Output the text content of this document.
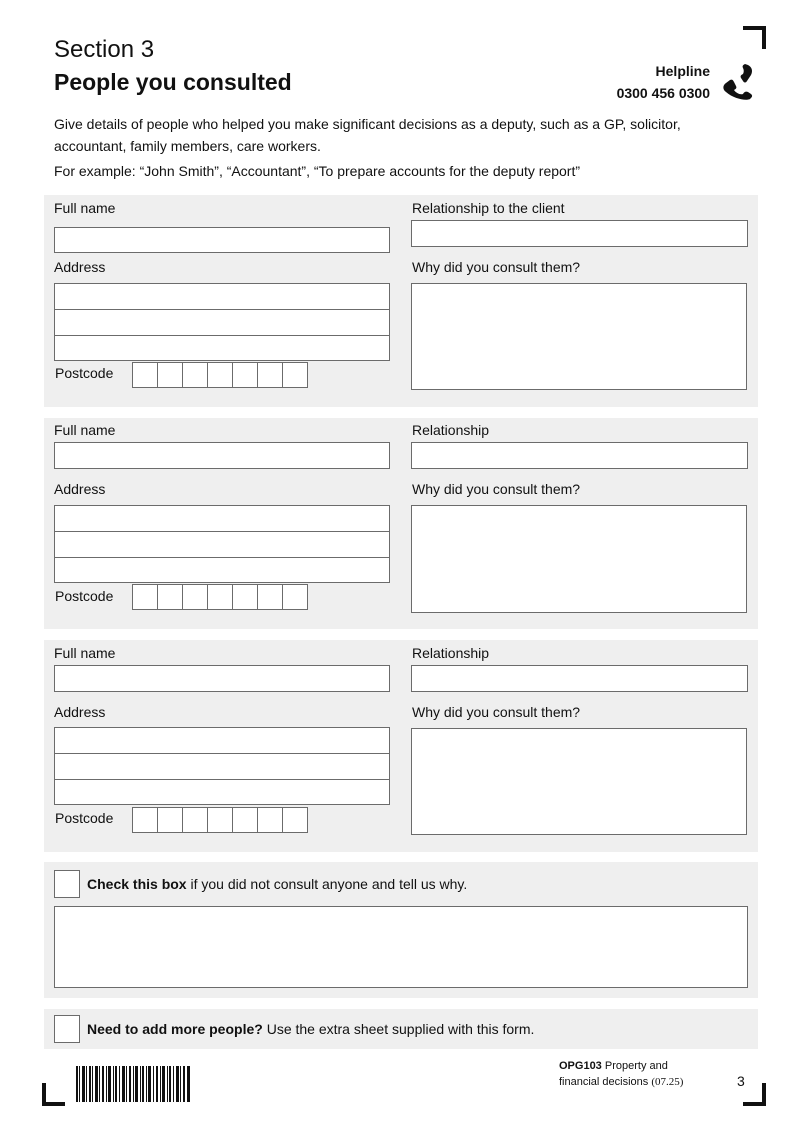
Section 3
People you consulted	Helpline
0300 456 0300
Give details of people who helped you make significant decisions as a deputy, such as a GP, solicitor, accountant, family members, care workers.
For example: “John Smith”, “Accountant”, “To prepare accounts for the deputy report”
Full name	Relationship to the client
Address	Why did you consult them?
Postcode
Full name	Relationship
Address	Why did you consult them?
Postcode
Full name	Relationship
Address	Why did you consult them?
Postcode
Check this box if you did not consult anyone and tell us why.
Need to add more people? Use the extra sheet supplied with this form.
OPG103 Property and
financial decisions (07.25)	3
